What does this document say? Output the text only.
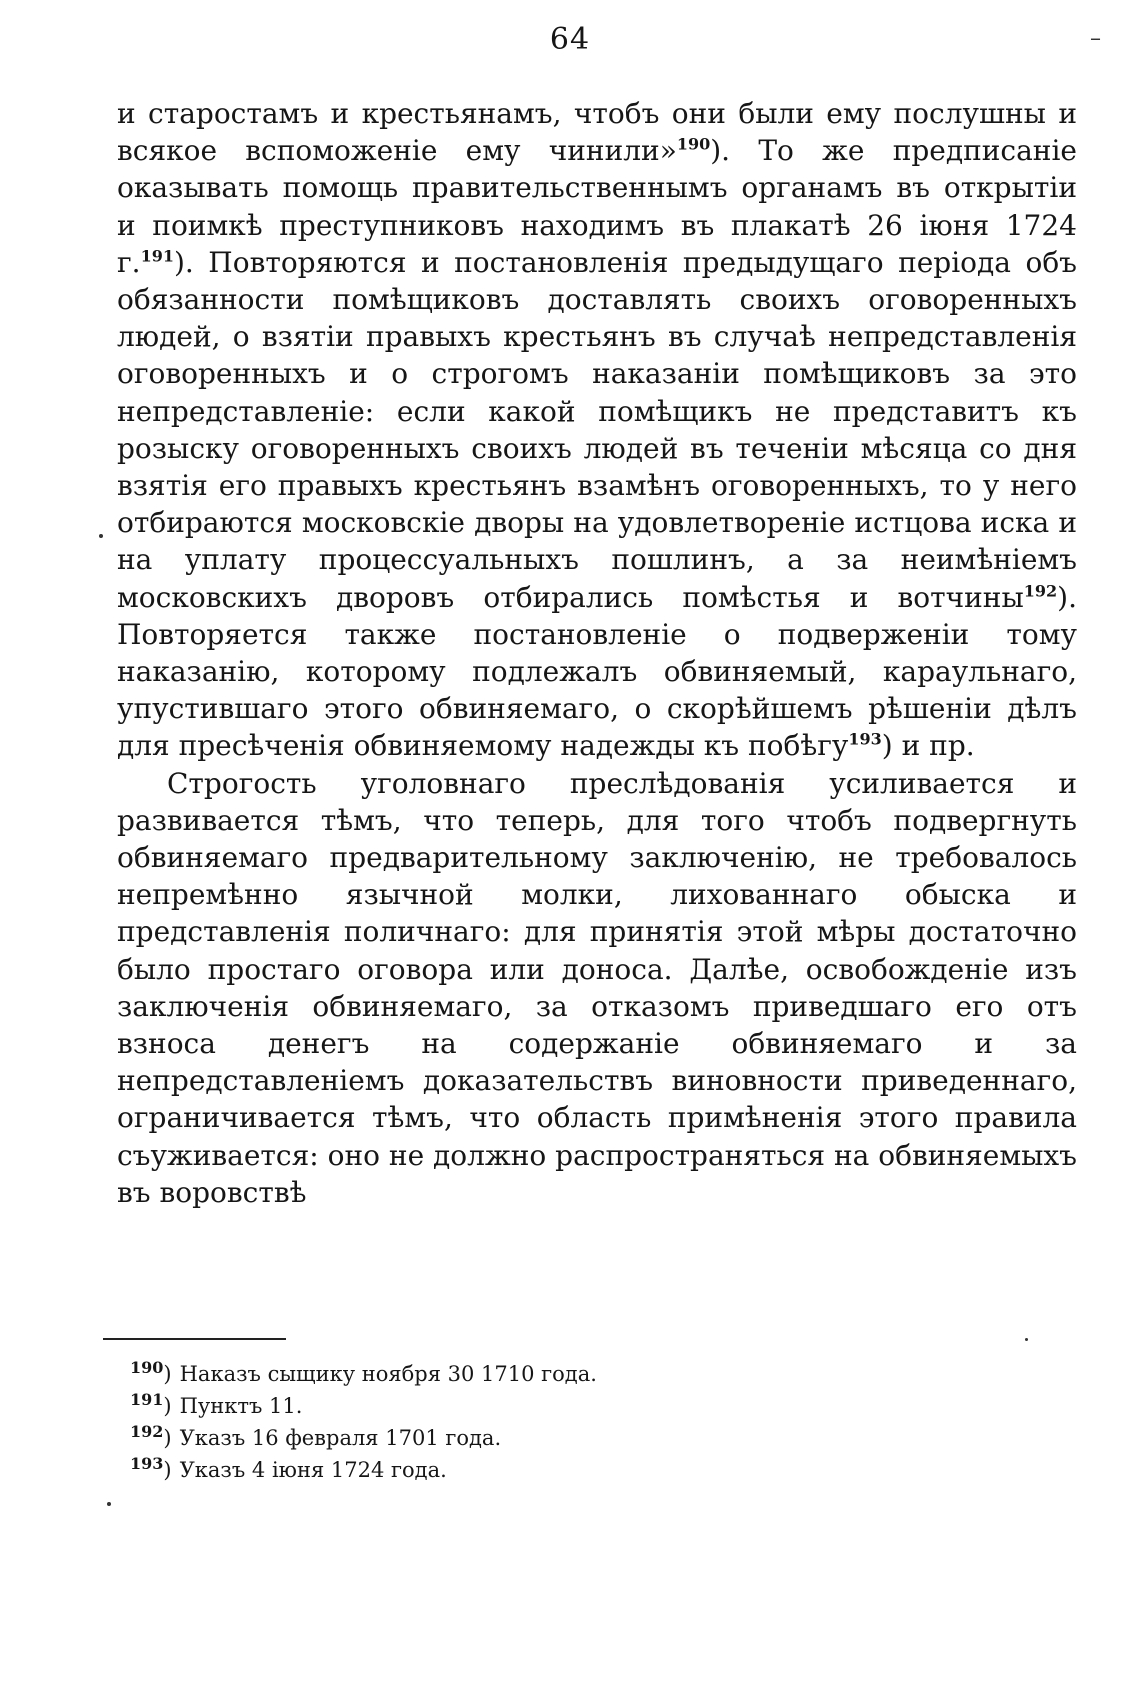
64	–

и старостамъ и крестьянамъ, чтобъ они были ему послушны и всякое вспоможеніе ему чинили»$^{190}$). То же предписаніе оказывать помощь правительственнымъ органамъ въ открытіи и поимкѣ преступниковъ находимъ въ плакатѣ 26 іюня 1724 г.$^{191}$). Повторяются и постановленія предыдущаго періода объ обязанности помѣщиковъ доставлять своихъ оговоренныхъ людей, о взятіи правыхъ крестьянъ въ случаѣ непредставленія оговоренныхъ и о строгомъ наказаніи помѣщиковъ за это непредставленіе: если какой помѣщикъ не представитъ къ розыску оговоренныхъ своихъ людей въ теченіи мѣсяца со дня взятія его правыхъ крестьянъ взамѣнъ оговоренныхъ, то у него отбираются московскіе дворы на удовлетвореніе истцова иска и на уплату процессуальныхъ пошлинъ, а за неимѣніемъ московскихъ дворовъ отбирались помѣстья и вотчины$^{192}$). Повторяется также постановленіе о подверженіи тому наказанію, которому подлежалъ обвиняемый, караульнаго, упустившаго этого обвиняемаго, о скорѣйшемъ рѣшеніи дѣлъ для пресѣченія обвиняемому надежды къ побѣгу$^{193}$) и пр.

Строгость уголовнаго преслѣдованія усиливается и развивается тѣмъ, что теперь, для того чтобъ подвергнуть обвиняемаго предварительному заключенію, не требовалось непремѣнно язычной молки, лихованнаго обыска и представленія поличнаго: для принятія этой мѣры достаточно было простаго оговора или доноса. Далѣе, освобожденіе изъ заключенія обвиняемаго, за отказомъ приведшаго его отъ взноса денегъ на содержаніе обвиняемаго и за непредставленіемъ доказательствъ виновности приведеннаго, ограничивается тѣмъ, что область примѣненія этого правила съуживается: оно не должно распространяться на обвиняемыхъ въ воровствѣ

$^{190}$) Наказъ сыщику ноября 30 1710 года.
$^{191}$) Пунктъ 11.
$^{192}$) Указъ 16 февраля 1701 года.
$^{193}$) Указъ 4 іюня 1724 года.
